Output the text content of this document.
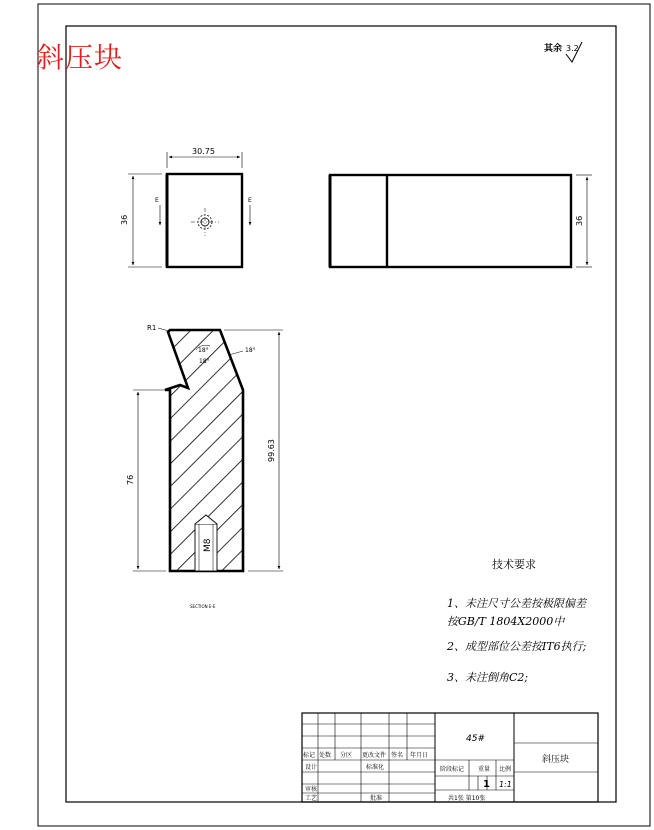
其余 3.2
30.75
36
E	E
36
M8
R1
18°
18°
18°
99.63
76
SECTION E-E
技术要求
1、未注尺寸公差按极限偏差
按GB/T 1804X2000中
2、成型部位公差按IT6执行;
3、未注倒角C2;
45#
斜压块
标记 处数 分区 更改文件 签名 年月日
设计	标准化
审核
工艺	批准
阶段标记 重量 比例
1 1:1
共1张 第10张
斜压块
